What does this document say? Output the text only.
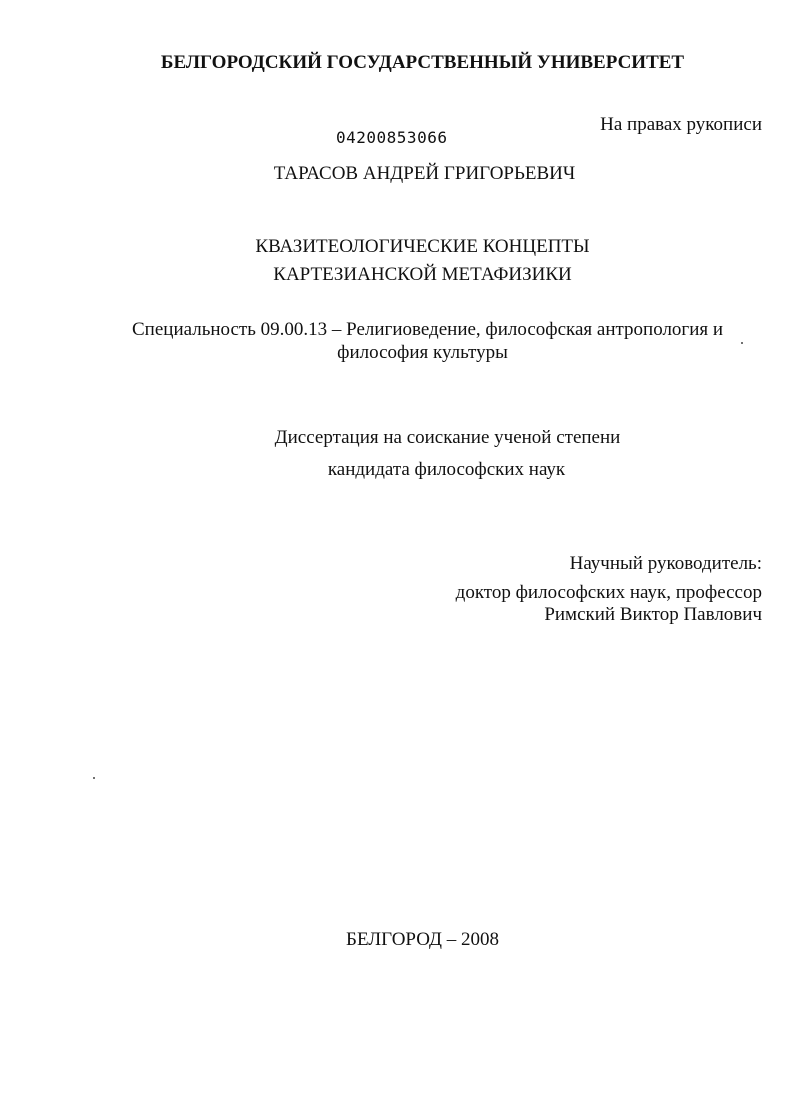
БЕЛГОРОДСКИЙ ГОСУДАРСТВЕННЫЙ УНИВЕРСИТЕТ
На правах рукописи
04200853066
ТАРАСОВ АНДРЕЙ ГРИГОРЬЕВИЧ
КВАЗИТЕОЛОГИЧЕСКИЕ КОНЦЕПТЫ
КАРТЕЗИАНСКОЙ МЕТАФИЗИКИ
Специальность 09.00.13 – Религиоведение, философская антропология и
философия культуры
Диссертация на соискание ученой степени
кандидата философских наук
Научный руководитель:
доктор философских наук, профессор
Римский Виктор Павлович
БЕЛГОРОД – 2008
